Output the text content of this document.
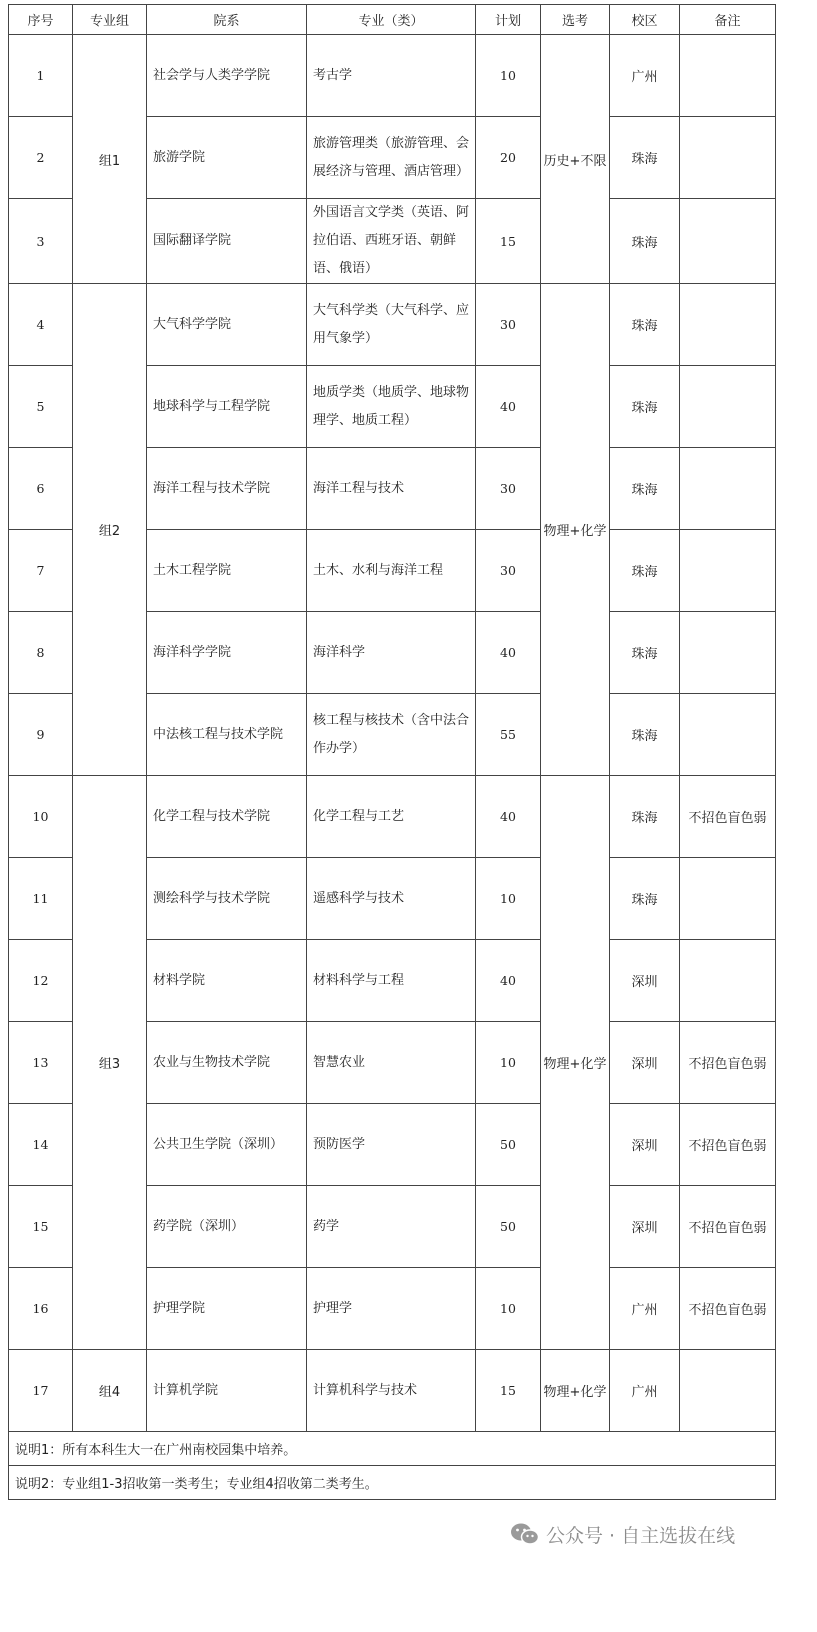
序号	专业组	院系	专业（类）	计划	选考	校区	备注
1	组1	社会学与人类学学院	考古学	10	历史+不限	广州	
2		旅游学院	旅游管理类（旅游管理、会展经济与管理、酒店管理）	20		珠海	
3		国际翻译学院	外国语言文学类（英语、阿拉伯语、西班牙语、朝鲜语、俄语）	15		珠海	
4	组2	大气科学学院	大气科学类（大气科学、应用气象学）	30	物理+化学	珠海	
5		地球科学与工程学院	地质学类（地质学、地球物理学、地质工程）	40		珠海	
6		海洋工程与技术学院	海洋工程与技术	30		珠海	
7		土木工程学院	土木、水利与海洋工程	30		珠海	
8		海洋科学学院	海洋科学	40		珠海	
9		中法核工程与技术学院	核工程与核技术（含中法合作办学）	55		珠海	
10	组3	化学工程与技术学院	化学工程与工艺	40	物理+化学	珠海	不招色盲色弱
11		测绘科学与技术学院	遥感科学与技术	10		珠海	
12		材料学院	材料科学与工程	40		深圳	
13		农业与生物技术学院	智慧农业	10		深圳	不招色盲色弱
14		公共卫生学院（深圳）	预防医学	50		深圳	不招色盲色弱
15		药学院（深圳）	药学	50		深圳	不招色盲色弱
16		护理学院	护理学	10		广州	不招色盲色弱
17	组4	计算机学院	计算机科学与技术	15	物理+化学	广州	
说明1：所有本科生大一在广州南校园集中培养。							
说明2：专业组1-3招收第一类考生；专业组4招收第二类考生。							
公众号 · 自主选拔在线
